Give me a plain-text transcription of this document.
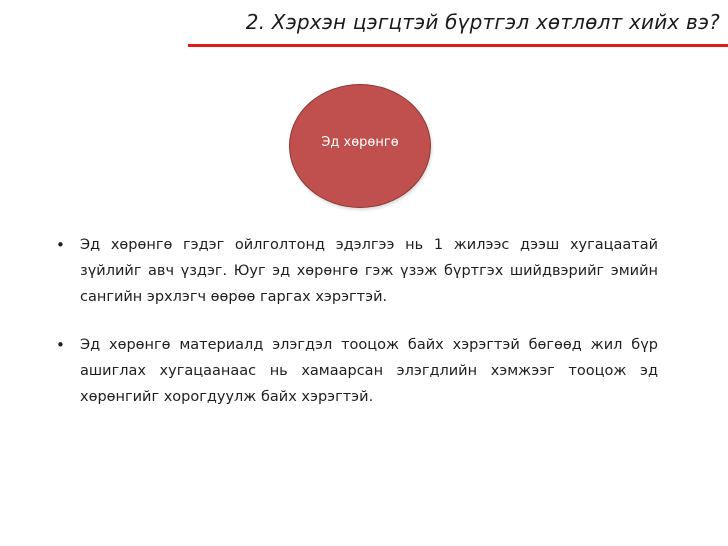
2. Хэрхэн цэгцтэй бүртгэл хөтлөлт хийх вэ?
Эд хөрөнгө
• Эд хөрөнгө гэдэг ойлголтонд эдэлгээ нь 1 жилээс дээш хугацаатай зүйлийг авч үздэг. Юуг эд хөрөнгө гэж үзэж бүртгэх шийдвэрийг эмийн сангийн эрхлэгч өөрөө гаргах хэрэгтэй.
• Эд хөрөнгө материалд элэгдэл тооцож байх хэрэгтэй бөгөөд жил бүр ашиглах хугацаанаас нь хамаарсан элэгдлийн хэмжээг тооцож эд хөрөнгийг хорогдуулж байх хэрэгтэй.
